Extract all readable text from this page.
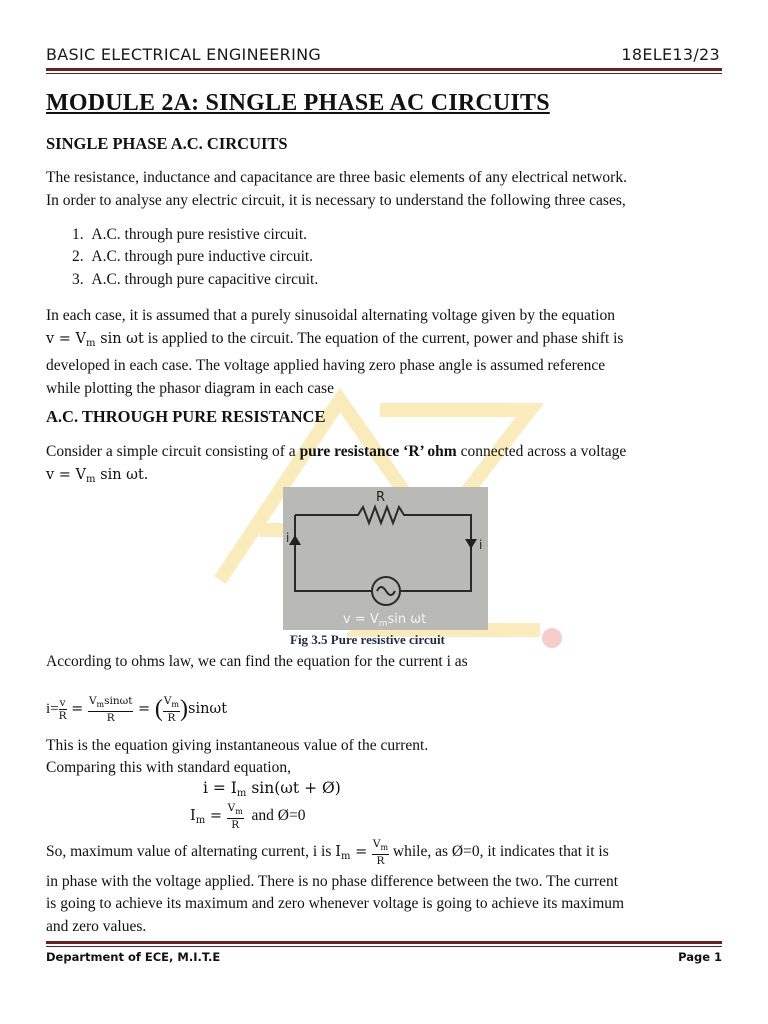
BASIC ELECTRICAL ENGINEERING	18ELE13/23
MODULE 2A: SINGLE PHASE AC CIRCUITS
SINGLE PHASE A.C. CIRCUITS
The resistance, inductance and capacitance are three basic elements of any electrical network.
In order to analyse any electric circuit, it is necessary to understand the following three cases,
1. A.C. through pure resistive circuit.
2. A.C. through pure inductive circuit.
3. A.C. through pure capacitive circuit.
In each case, it is assumed that a purely sinusoidal alternating voltage given by the equation
$v = V_m$ sin ωt is applied to the circuit. The equation of the current, power and phase shift is
developed in each case. The voltage applied having zero phase angle is assumed reference
while plotting the phasor diagram in each case
A.C. THROUGH PURE RESISTANCE
Consider a simple circuit consisting of a pure resistance ‘R’ ohm connected across a voltage
$v = V_m$ sin ωt.
R
i	i
$v = V_m\sin$ ωt
Fig 3.5 Pure resistive circuit
According to ohms law, we can find the equation for the current i as
$i= \frac{v}{R} = \frac{V_m\sin\omega t}{R}$ = ( $\frac{V_m}{R} )\sin\omega t$
This is the equation giving instantaneous value of the current.
Comparing this with standard equation,
$i = I_m$ sin(ωt + Ø)
$I_m = \frac{V_m}{R}$ and Ø=0
So, maximum value of alternating current, i is $I_m = \frac{V_m}{R}$ while, as Ø=0, it indicates that it is
in phase with the voltage applied. There is no phase difference between the two. The current
is going to achieve its maximum and zero whenever voltage is going to achieve its maximum
and zero values.
Department of ECE, M.I.T.E	Page 1
